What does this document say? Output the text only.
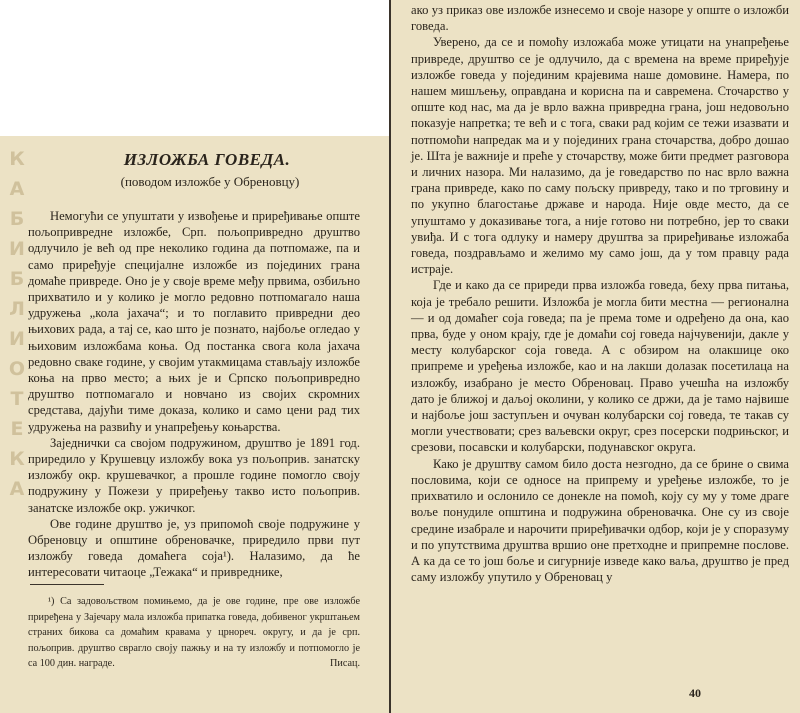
К
А
Б
И
Б
Л
И
О
Т
Е
К
А
ИЗЛОЖБА ГОВЕДА.
(поводом изложбе у Обреновцу)

Немогући се упуштати у извођење и приређивање опште пољопривредне изложбе, Срп. пољопривредно друштво одлучило је већ од пре неколико година да потпомаже, па и само приређује специјалне изложбе из појединих грана домаће привреде. Оно је у своје време међу првима, озбиљно прихватило и у колико је могло редовно потпомагало наша удружења „кола јахача“; и то поглавито привредни део њихових рада, а тај се, као што је познато, најбоље огледао у њиховим изложбама коња. Од постанка свога кола јахача редовно сваке године, у својим утакмицама стављају изложбе коња на прво место; а њих је и Српско пољопривредно друштво потпомагало и новчано из својих скромних средстава, дајући тиме доказа, колико и само цени рад тих удружења на развићу и унапређењу коњарства.

Заједнички са својом подружином, друштво је 1891 год. приредило у Крушевцу изложбу вока уз пољоприв. занатску изложбу окр. крушевачког, а прошле године помогло своју подружину у Пожези у приређењу такво исто пољоприв. занатске изложбе окр. ужичког.

Ове године друштво је, уз припомоћ своје подружине у Обреновцу и општине обреновачке, приредило први пут изложбу говеда домаћега соја¹). Налазимо, да ће интересовати читаоце „Тежака“ и привреднике,

¹) Са задовољством помињемо, да је ове године, пре ове изложбе приређена у Зајечару мала изложба припатка говеда, добивеног укрштањем страних бикова са домаћим кравама у црнореч. округу, и да је срп. пољоприв. друштво сврагло своју пажњу и на ту изложбу и потпомогло је са 100 дин. награде.	Писац.

ако уз приказ ове изложбе изнесемо и своје назоре у опште о изложби говеда.

Уверено, да се и помоћу изложаба може утицати на унапређење привреде, друштво се је одлучило, да с времена на време приређује изложбе говеда у појединим крајевима наше домовине. Намера, по нашем мишљењу, оправдана и корисна па и саврeмена. Сточарство у опште код нас, ма да је врло важна привредна грана, још недовољно показује напретка; те већ и с тога, сваки рад којим се тежи изазвати и потпомоћи напредак ма и у појединих грана сточарства, добро дошао је. Шта је важније и преће у сточарству, може бити предмет разговора и личних назора. Ми налазимо, да је говедарство по нас врло важна грана привреде, како по саму пољску привреду, тако и по трговину и по укупно благостање државе и народа. Није овде место, да се упуштамо у доказивање тога, а није готово ни потребно, јер то сваки увиђа. И с тога одлуку и намеру друштва за приређивање изложаба говеда, поздрављамо и желимо му само још, да у том правцу рада истраје.

Где и како да се приреди прва изложба говеда, беху прва питања, која је требало решити. Изложба је могла бити местна — регионална — и од домаћег соја говеда; па је према томе и одређено да она, као прва, буде у оном крају, где је домаћи сој говеда најчувенији, дакле у месту колубарског соја говеда. А с обзиром на олакшице око припреме и уређења изложбе, као и на лакши долазак посетилаца на изложбу, изабрано је место Обреновац. Право учешћа на изложбу дато је ближој и даљој околини, у колико се држи, да је тамо највише и најбоље још заступљен и очуван колубарски сој говеда, те такав су могли учествовати; срез ваљевски округ, срез посерски подрињског, и срезови, посавски и колубарски, подунавског округа.

Како је друштву самом било доста незгодно, да се брине о свима пословима, који се односе на припрему и уређење изложбе, то је прихватило и ослонило се донекле на помоћ, коју су му у томе драге воље понудиле општина и подружина обреновачка. Оне су из своје средине изабрале и нарочити приређивачки одбор, који је у споразуму и по упутствима друштва вршио оне претходне и припремне послове. А ка да се то још боље и сигурније изведе како ваља, друштво је пред саму изложбу упутило у Обреновац у

40
